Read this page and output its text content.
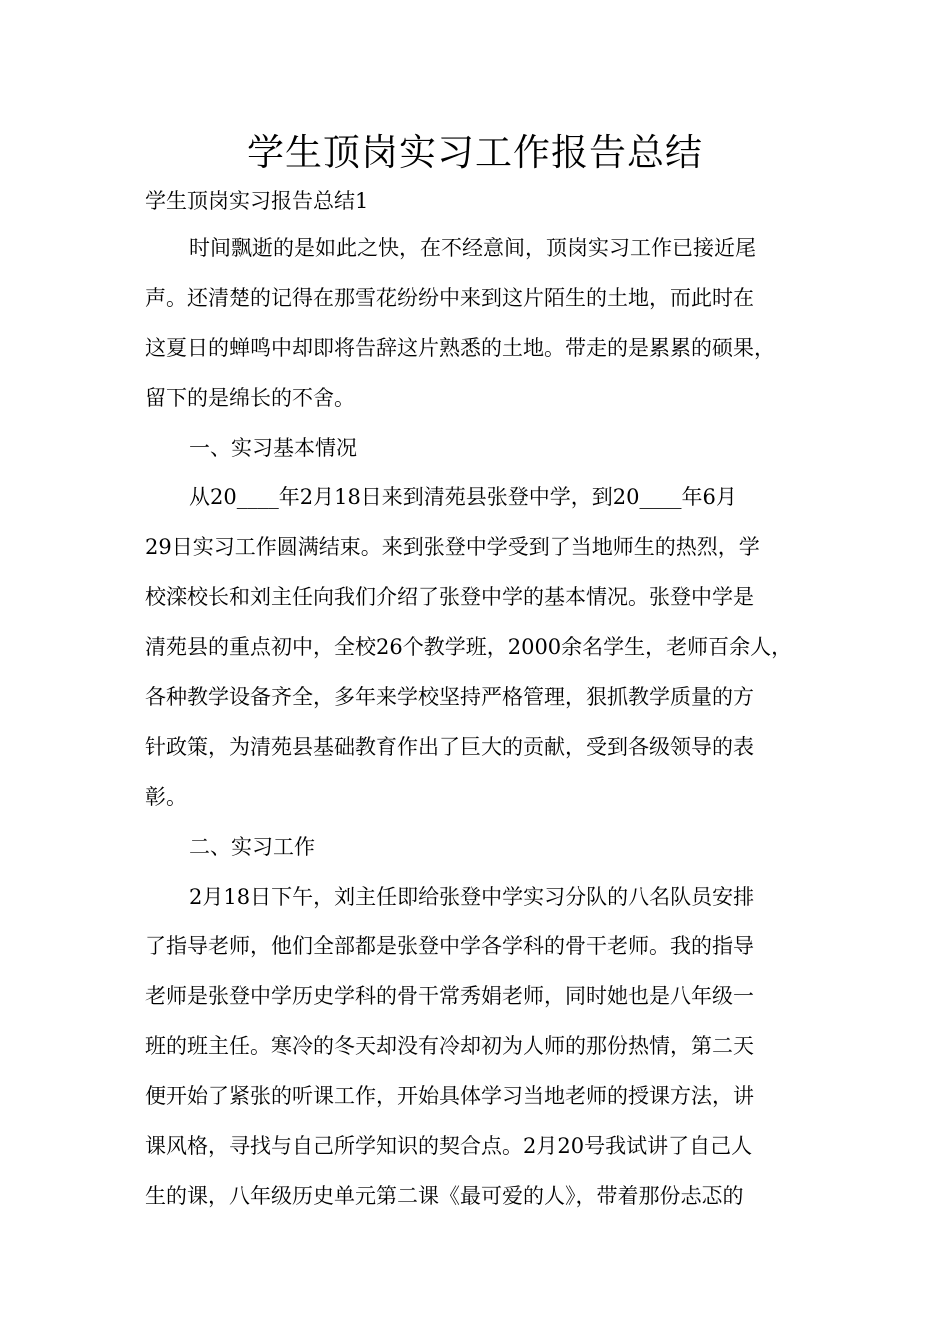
学生顶岗实习工作报告总结

学生顶岗实习报告总结1

时间飘逝的是如此之快，在不经意间，顶岗实习工作已接近尾
声。还清楚的记得在那雪花纷纷中来到这片陌生的土地，而此时在
这夏日的蝉鸣中却即将告辞这片熟悉的土地。带走的是累累的硕果，
留下的是绵长的不舍。
一、实习基本情况
从20____年2月18日来到清苑县张登中学，到20____年6月
29日实习工作圆满结束。来到张登中学受到了当地师生的热烈，学
校滦校长和刘主任向我们介绍了张登中学的基本情况。张登中学是
清苑县的重点初中，全校26个教学班，2000余名学生，老师百余人，
各种教学设备齐全，多年来学校坚持严格管理，狠抓教学质量的方
针政策，为清苑县基础教育作出了巨大的贡献，受到各级领导的表
彰。
二、实习工作
2月18日下午，刘主任即给张登中学实习分队的八名队员安排
了指导老师，他们全部都是张登中学各学科的骨干老师。我的指导
老师是张登中学历史学科的骨干常秀娟老师，同时她也是八年级一
班的班主任。寒冷的冬天却没有冷却初为人师的那份热情，第二天
便开始了紧张的听课工作，开始具体学习当地老师的授课方法，讲
课风格，寻找与自己所学知识的契合点。2月20号我试讲了自己人
生的课，八年级历史单元第二课《最可爱的人》，带着那份忐忑的
